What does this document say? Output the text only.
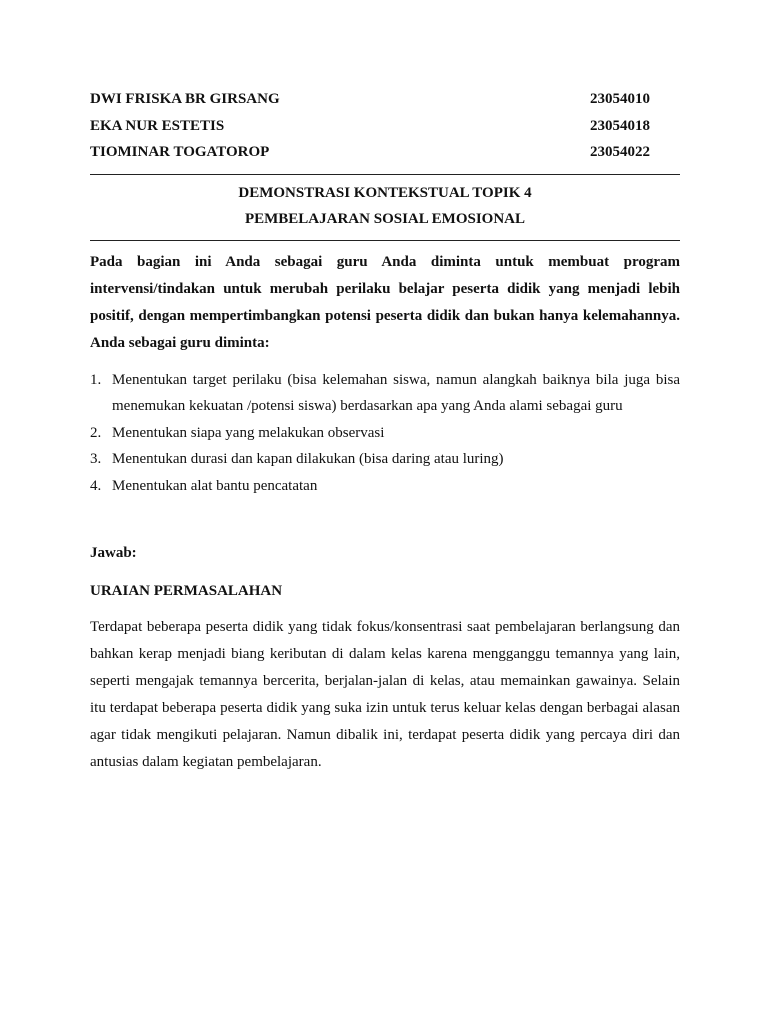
DWI FRISKA BR GIRSANG	23054010
EKA NUR ESTETIS	23054018
TIOMINAR TOGATOROP	23054022
DEMONSTRASI KONTEKSTUAL TOPIK 4
PEMBELAJARAN SOSIAL EMOSIONAL

Pada bagian ini Anda sebagai guru Anda diminta untuk membuat program intervensi/tindakan untuk merubah perilaku belajar peserta didik yang menjadi lebih positif, dengan mempertimbangkan potensi peserta didik dan bukan hanya kelemahannya. Anda sebagai guru diminta:

1. Menentukan target perilaku (bisa kelemahan siswa, namun alangkah baiknya bila juga bisa menemukan kekuatan /potensi siswa) berdasarkan apa yang Anda alami sebagai guru
2. Menentukan siapa yang melakukan observasi
3. Menentukan durasi dan kapan dilakukan (bisa daring atau luring)
4. Menentukan alat bantu pencatatan
Jawab:
URAIAN PERMASALAHAN

Terdapat beberapa peserta didik yang tidak fokus/konsentrasi saat pembelajaran berlangsung dan bahkan kerap menjadi biang keributan di dalam kelas karena mengganggu temannya yang lain, seperti mengajak temannya bercerita, berjalan-jalan di kelas, atau memainkan gawainya. Selain itu terdapat beberapa peserta didik yang suka izin untuk terus keluar kelas dengan berbagai alasan agar tidak mengikuti pelajaran. Namun dibalik ini, terdapat peserta didik yang percaya diri dan antusias dalam kegiatan pembelajaran.
